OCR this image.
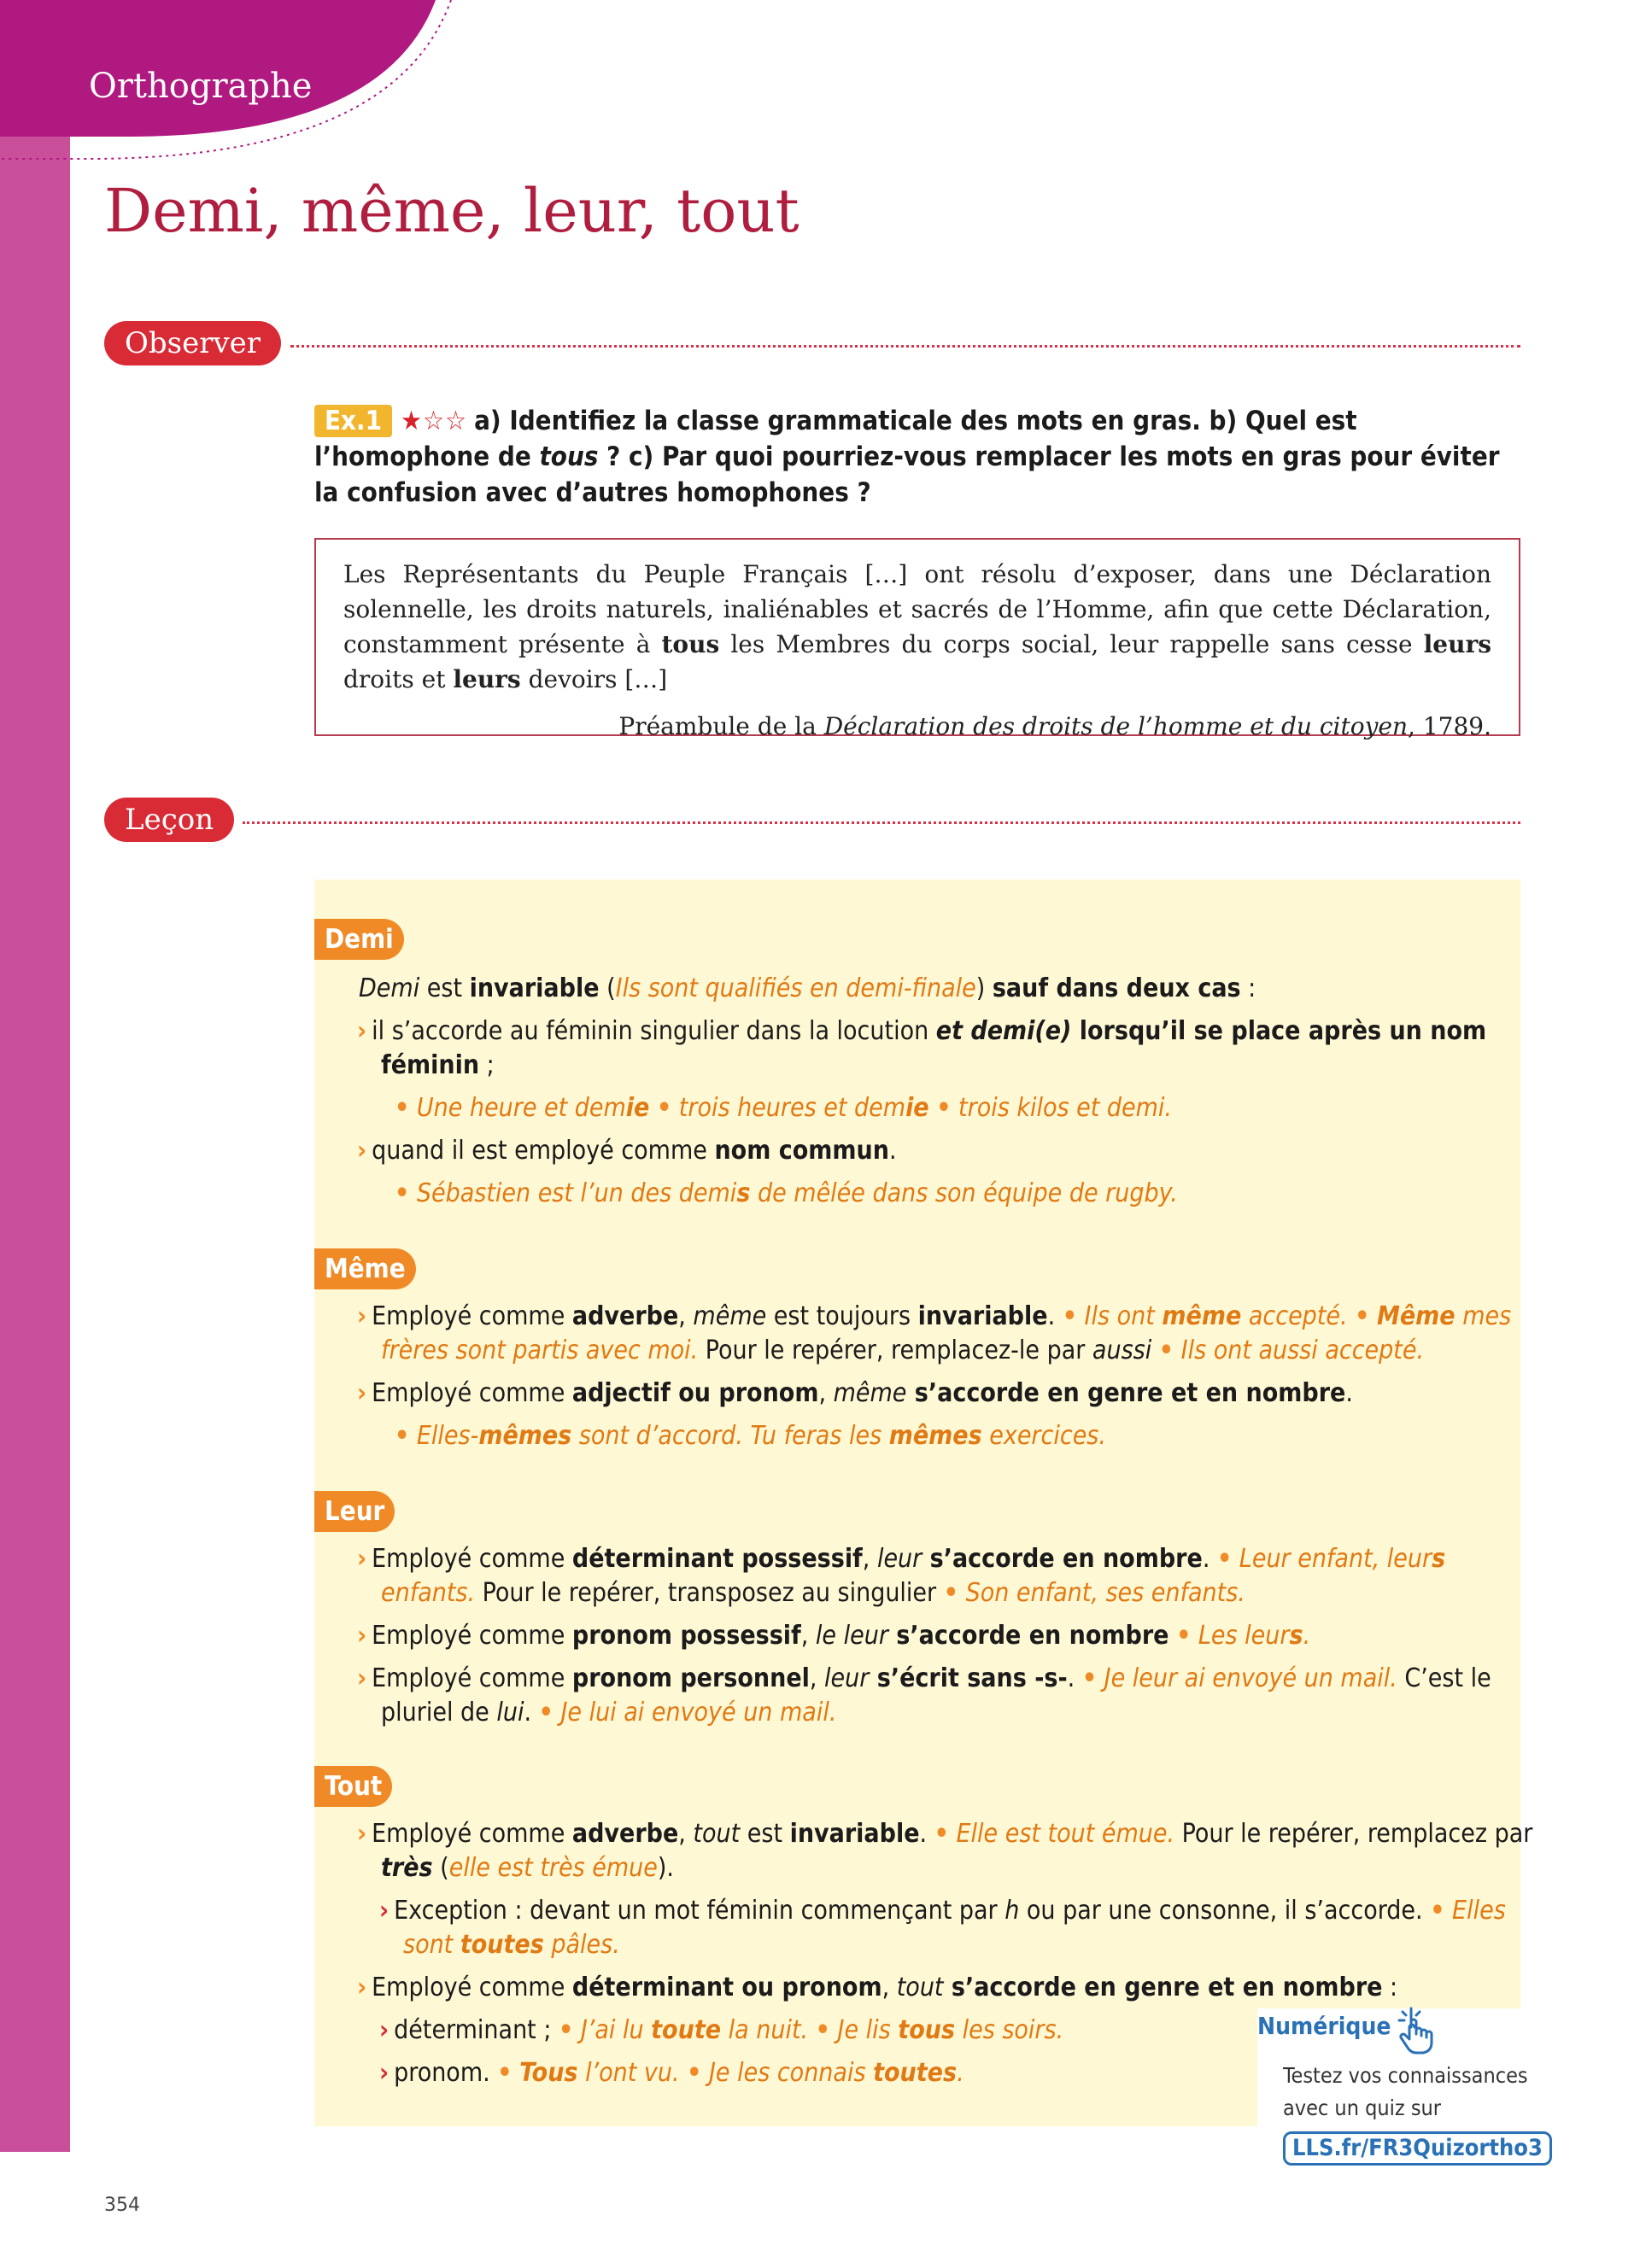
Orthographe
Demi, même, leur, tout
Observer
Ex.1 ★☆☆ a) Identifiez la classe grammaticale des mots en gras. b) Quel est l’homophone de tous ? c) Par quoi pourriez-vous remplacer les mots en gras pour éviter la confusion avec d’autres homophones ?

Les Représentants du Peuple Français […] ont résolu d’exposer, dans une Déclaration solennelle, les droits naturels, inaliénables et sacrés de l’Homme, afin que cette Déclaration, constamment présente à tous les Membres du corps social, leur rappelle sans cesse leurs droits et leurs devoirs […]

Préambule de la Déclaration des droits de l’homme et du citoyen, 1789.

Leçon
Demi

Demi est invariable (Ils sont qualifiés en demi-finale) sauf dans deux cas :

› il s’accorde au féminin singulier dans la locution et demi(e) lorsqu’il se place après un nom féminin ;

• Une heure et demie • trois heures et demie • trois kilos et demi.

› quand il est employé comme nom commun.

• Sébastien est l’un des demis de mêlée dans son équipe de rugby.

Même

› Employé comme adverbe, même est toujours invariable. • Ils ont même accepté. • Même mes frères sont partis avec moi. Pour le repérer, remplacez-le par aussi • Ils ont aussi accepté.

› Employé comme adjectif ou pronom, même s’accorde en genre et en nombre.

• Elles-mêmes sont d’accord. Tu feras les mêmes exercices.

Leur

› Employé comme déterminant possessif, leur s’accorde en nombre. • Leur enfant, leurs enfants. Pour le repérer, transposez au singulier • Son enfant, ses enfants.

› Employé comme pronom possessif, le leur s’accorde en nombre • Les leurs.

› Employé comme pronom personnel, leur s’écrit sans -s-. • Je leur ai envoyé un mail. C’est le pluriel de lui. • Je lui ai envoyé un mail.

Tout

› Employé comme adverbe, tout est invariable. • Elle est tout émue. Pour le repérer, remplacez par très (elle est très émue).

› Exception : devant un mot féminin commençant par h ou par une consonne, il s’accorde. • Elles sont toutes pâles.

› Employé comme déterminant ou pronom, tout s’accorde en genre et en nombre :

› déterminant ; • J’ai lu toute la nuit. • Je lis tous les soirs.

› pronom. • Tous l’ont vu. • Je les connais toutes.

Numérique

Testez vos connaissances avec un quiz sur

LLS.fr/FR3Quizortho3
354
